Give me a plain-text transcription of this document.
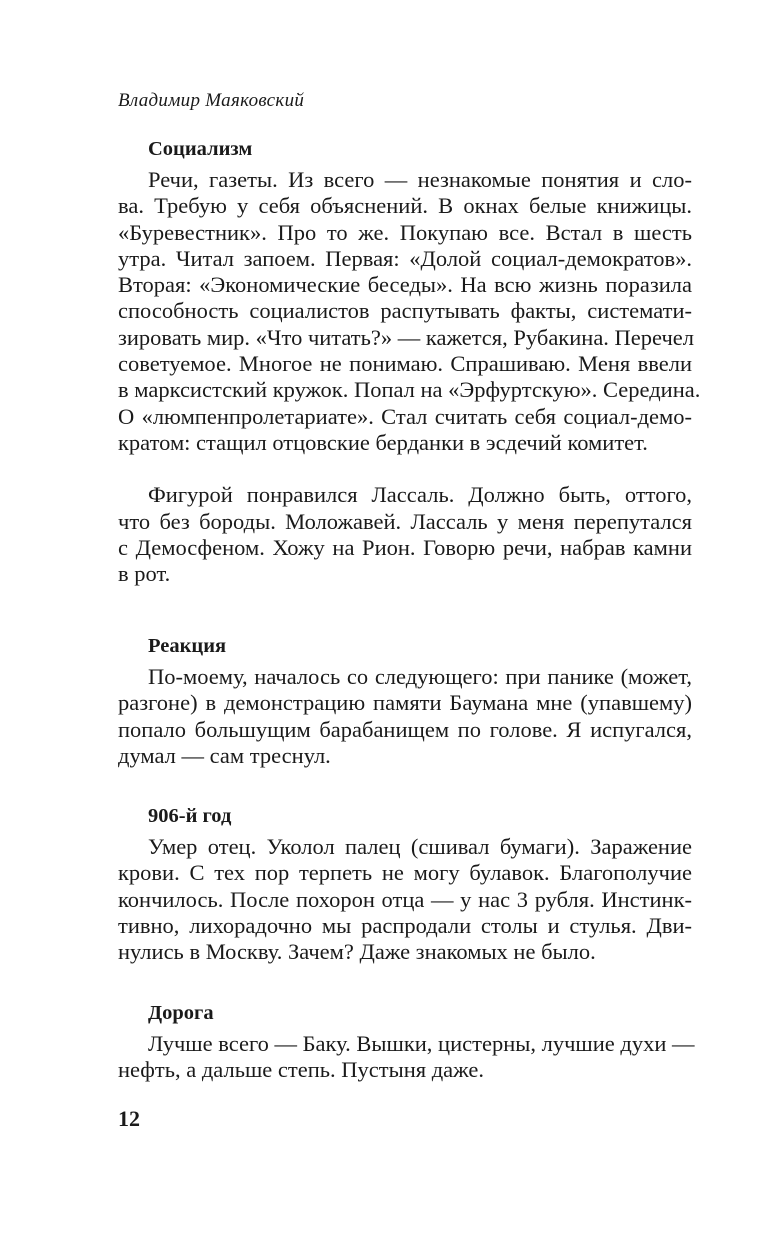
Владимир Маяковский
Социализм
Речи, газеты. Из всего — незнакомые понятия и сло-
ва. Требую у себя объяснений. В окнах белые книжицы.
«Буревестник». Про то же. Покупаю все. Встал в шесть
утра. Читал запоем. Первая: «Долой социал-демократов».
Вторая: «Экономические беседы». На всю жизнь поразила
способность социалистов распутывать факты, системати-
зировать мир. «Что читать?» — кажется, Рубакина. Перечел
советуемое. Многое не понимаю. Спрашиваю. Меня ввели
в марксистский кружок. Попал на «Эрфуртскую». Середина.
О «люмпенпролетариате». Стал считать себя социал-демо-
кратом: стащил отцовские берданки в эсдечий комитет.
Фигурой понравился Лассаль. Должно быть, оттого,
что без бороды. Моложавей. Лассаль у меня перепутался
с Демосфеном. Хожу на Рион. Говорю речи, набрав камни
в рот.
Реакция
По-моему, началось со следующего: при панике (может,
разгоне) в демонстрацию памяти Баумана мне (упавшему)
попало большущим барабанищем по голове. Я испугался,
думал — сам треснул.
906-й год
Умер отец. Уколол палец (сшивал бумаги). Заражение
крови. С тех пор терпеть не могу булавок. Благополучие
кончилось. После похорон отца — у нас 3 рубля. Инстинк-
тивно, лихорадочно мы распродали столы и стулья. Дви-
нулись в Москву. Зачем? Даже знакомых не было.
Дорога
Лучше всего — Баку. Вышки, цистерны, лучшие духи —
нефть, а дальше степь. Пустыня даже.
12
